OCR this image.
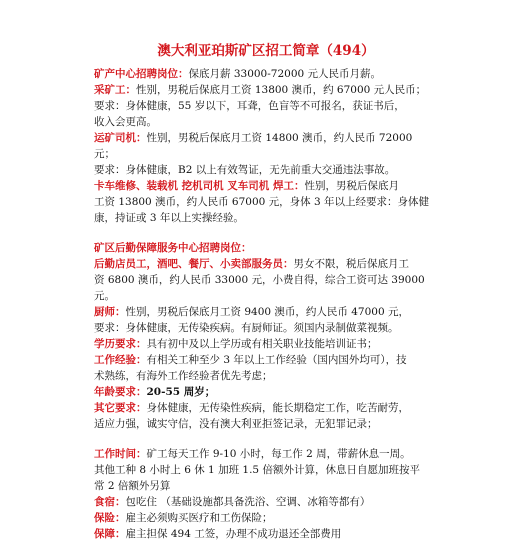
澳大利亚珀斯矿区招工简章（494）

矿产中心招聘岗位：保底月薪 33000-72000 元人民币月薪。

采矿工：性别，男税后保底月工资 13800 澳币，约 67000 元人民币；

要求：身体健康，55 岁以下，耳聋，色盲等不可报名，获证书后，

收入会更高。

运矿司机：性别，男税后保底月工资 14800 澳币，约人民币 72000

元；

要求：身体健康，B2 以上有效驾证，无先前重大交通违法事故。

卡车维修、装载机 挖机司机 叉车司机 焊工：性别，男税后保底月

工资 13800 澳币，约人民币 67000 元，身体 3 年以上经要求：身体健

康，持证或 3 年以上实操经验。

矿区后勤保障服务中心招聘岗位：

后勤店员工，酒吧、餐厅、小卖部服务员：男女不限，税后保底月工

资 6800 澳币，约人民币 33000 元，小费自得，综合工资可达 39000

元。

厨师：性别，男税后保底月工资 9400 澳币，约人民币 47000 元，

要求：身体健康，无传染疾病。有厨师证。须国内录制做菜视频。

学历要求：具有初中及以上学历或有相关职业技能培训证书；

工作经验：有相关工种至少 3 年以上工作经验（国内国外均可），技

术熟练，有海外工作经验者优先考虑；

年龄要求：20-55 周岁；

其它要求：身体健康，无传染性疾病，能长期稳定工作，吃苦耐劳，

适应力强，诚实守信，没有澳大利亚拒签记录，无犯罪记录；

工作时间：矿工每天工作 9-10 小时，每工作 2 周，带薪休息一周。

其他工种 8 小时上 6 休 1 加班 1.5 倍额外计算，休息日自愿加班按平

常 2 倍额外另算

食宿：包吃住 （基础设施都具备洗浴、空调、冰箱等都有）

保险：雇主必须购买医疗和工伤保险；

保障：雇主担保 494 工签，办理不成功退还全部费用
